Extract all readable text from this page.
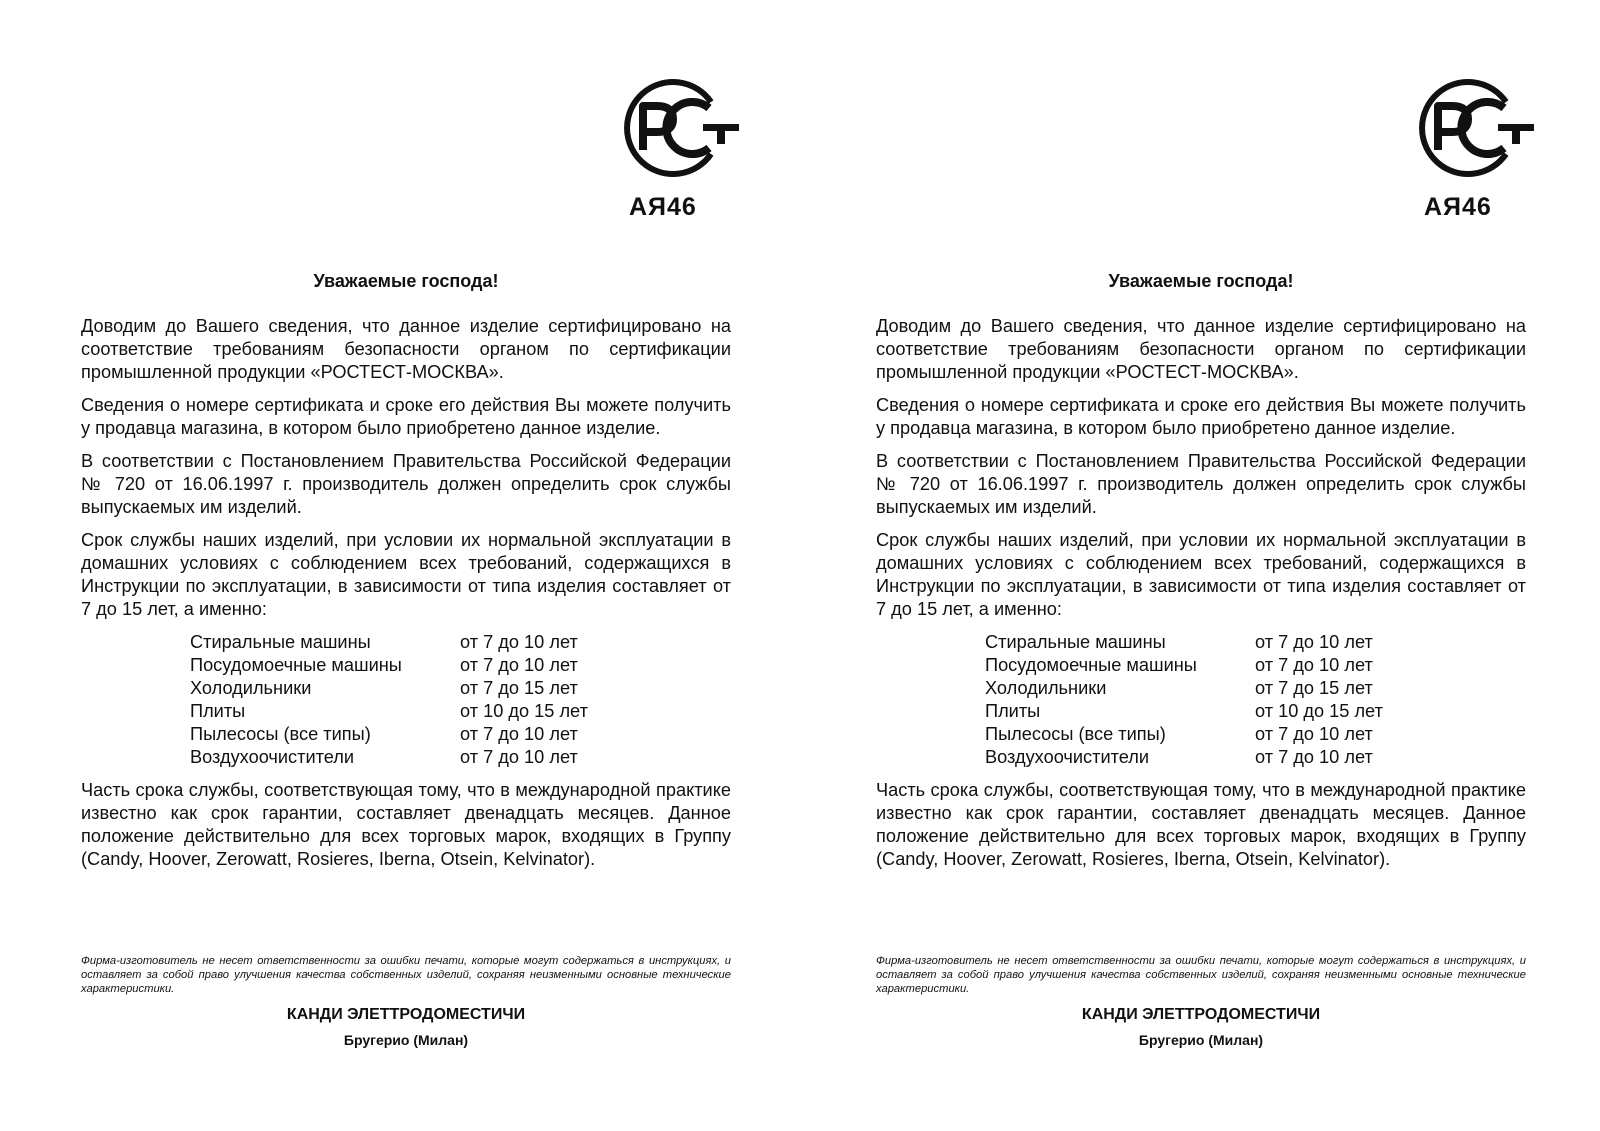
АЯ46
Уважаемые господа!

Доводим до Вашего сведения, что данное изделие сертифицировано на соответствие требованиям безопасности органом по сертификации промышленной продукции «РОСТЕСТ-МОСКВА».

Сведения о номере сертификата и сроке его действия Вы можете получить у продавца магазина, в котором было приобретено данное изделие.

В соответствии с Постановлением Правительства Российской Федерации № 720 от 16.06.1997 г. производитель должен определить срок службы выпускаемых им изделий.

Срок службы наших изделий, при условии их нормальной эксплуатации в домашних условиях с соблюдением всех требований, содержащихся в Инструкции по эксплуатации, в зависимости от типа изделия составляет от 7 до 15 лет, а именно:

Стиральные машины	от 7 до 10 лет
Посудомоечные машины	от 7 до 10 лет
Холодильники	от 7 до 15 лет
Плиты	от 10 до 15 лет
Пылесосы (все типы)	от 7 до 10 лет
Воздухоочистители	от 7 до 10 лет

Часть срока службы, соответствующая тому, что в международной практике известно как срок гарантии, составляет двенадцать месяцев. Данное положение действительно для всех торговых марок, входящих в Группу (Candy, Hoover, Zerowatt, Rosieres, Iberna, Otsein, Kelvinator).

Фирма-изготовитель не несет ответственности за ошибки печати, которые могут содержаться в инструкциях, и оставляет за собой право улучшения качества собственных изделий, сохраняя неизменными основные технические характеристики.

КАНДИ ЭЛЕТТРОДОМЕСТИЧИ
Бругерио (Милан)
АЯ46
Уважаемые господа!

Доводим до Вашего сведения, что данное изделие сертифицировано на соответствие требованиям безопасности органом по сертификации промышленной продукции «РОСТЕСТ-МОСКВА».

Сведения о номере сертификата и сроке его действия Вы можете получить у продавца магазина, в котором было приобретено данное изделие.

В соответствии с Постановлением Правительства Российской Федерации № 720 от 16.06.1997 г. производитель должен определить срок службы выпускаемых им изделий.

Срок службы наших изделий, при условии их нормальной эксплуатации в домашних условиях с соблюдением всех требований, содержащихся в Инструкции по эксплуатации, в зависимости от типа изделия составляет от 7 до 15 лет, а именно:

Стиральные машины	от 7 до 10 лет
Посудомоечные машины	от 7 до 10 лет
Холодильники	от 7 до 15 лет
Плиты	от 10 до 15 лет
Пылесосы (все типы)	от 7 до 10 лет
Воздухоочистители	от 7 до 10 лет

Часть срока службы, соответствующая тому, что в международной практике известно как срок гарантии, составляет двенадцать месяцев. Данное положение действительно для всех торговых марок, входящих в Группу (Candy, Hoover, Zerowatt, Rosieres, Iberna, Otsein, Kelvinator).

Фирма-изготовитель не несет ответственности за ошибки печати, которые могут содержаться в инструкциях, и оставляет за собой право улучшения качества собственных изделий, сохраняя неизменными основные технические характеристики.

КАНДИ ЭЛЕТТРОДОМЕСТИЧИ
Бругерио (Милан)
